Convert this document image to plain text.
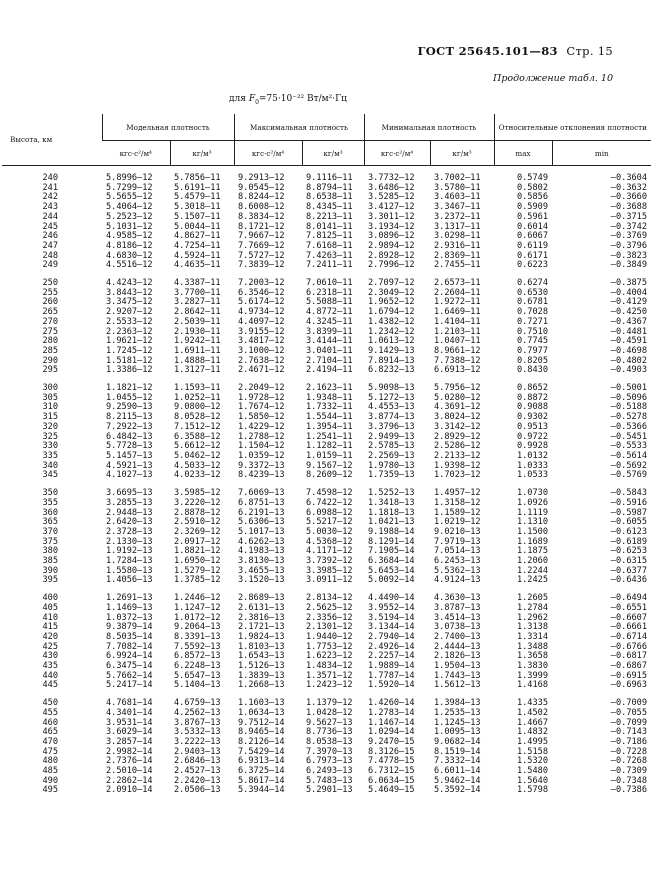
ГОСТ 25645.101—83 Стр. 15
Продолжение табл. 10
для $F_0=75\cdot 10^{-22}$ Вт/м²·Гц
Высота, км	Модельная плотность		Максимальная плотность		Минимальная плотность		Относительные отклонения плотности	
	кгс·с²/м⁴	кг/м³	кгс·с²/м⁴	кг/м³	кгс·с²/м⁴	кг/м³	max	min
240	5.8996—12	5.7856—11	9.2913—12	9.1116—11	3.7732—12	3.7002—11	0.5749	—0.3604
241	5.7299—12	5.6191—11	9.0545—12	8.8794—11	3.6486—12	3.5780—11	0.5802	—0.3632
242	5.5655—12	5.4579—11	8.8244—12	8.6538—11	3.5285—12	3.4603—11	0.5856	—0.3660
243	5.4064—12	5.3018—11	8.6008—12	8.4345—11	3.4127—12	3.3467—11	0.5909	—0.3688
244	5.2523—12	5.1507—11	8.3834—12	8.2213—11	3.3011—12	3.2372—11	0.5961	—0.3715
245	5.1031—12	5.0044—11	8.1721—12	8.0141—11	3.1934—12	3.1317—11	0.6014	—0.3742
246	4.9585—12	4.8627—11	7.9667—12	7.8125—11	3.0896—12	3.0298—11	0.6067	—0.3769
247	4.8186—12	4.7254—11	7.7669—12	7.6168—11	2.9894—12	2.9316—11	0.6119	—0.3796
248	4.6830—12	4.5924—11	7.5727—12	7.4263—11	2.8928—12	2.8369—11	0.6171	—0.3823
249	4.5516—12	4.4635—11	7.3839—12	7.2411—11	2.7996—12	2.7455—11	0.6223	—0.3849
250	4.4243—12	4.3387—11	7.2003—12	7.0610—11	2.7097—12	2.6573—11	0.6274	—0.3875
255	3.8443—12	3.7700—11	6.3546—12	6.2318—11	2.3049—12	2.2604—11	0.6530	—0.4004
260	3.3475—12	3.2827—11	5.6174—12	5.5088—11	1.9652—12	1.9272—11	0.6781	—0.4129
265	2.9207—12	2.8642—11	4.9734—12	4.8772—11	1.6794—12	1.6469—11	0.7028	—0.4250
270	2.5533—12	2.5039—11	4.4097—12	4.3245—11	1.4382—12	1.4104—11	0.7271	—0.4367
275	2.2363—12	2.1930—11	3.9155—12	3.8399—11	1.2342—12	1.2103—11	0.7510	—0.4481
280	1.9621—12	1.9242—11	3.4817—12	3.4144—11	1.0613—12	1.0407—11	0.7745	—0.4591
285	1.7245—12	1.6911—11	3.1000—12	3.0401—11	9.1429—13	8.9661—12	0.7977	—0.4698
290	1.5181—12	1.4888—11	2.7638—12	2.7104—11	7.8914—13	7.7388—12	0.8205	—0.4802
295	1.3386—12	1.3127—11	2.4671—12	2.4194—11	6.8232—13	6.6913—12	0.8430	—0.4903
300	1.1821—12	1.1593—11	2.2049—12	2.1623—11	5.9098—13	5.7956—12	0.8652	—0.5001
305	1.0455—12	1.0252—11	1.9728—12	1.9348—11	5.1272—13	5.0280—12	0.8872	—0.5096
310	9.2590—13	9.0800—12	1.7674—12	1.7332—11	4.4553—13	4.3691—12	0.9088	—0.5188
315	8.2115—13	8.0528—12	1.5850—12	1.5544—11	3.8774—13	3.8024—12	0.9302	—0.5278
320	7.2922—13	7.1512—12	1.4229—12	1.3954—11	3.3796—13	3.3142—12	0.9513	—0.5366
325	6.4842—13	6.3588—12	1.2788—12	1.2541—11	2.9499—13	2.8929—12	0.9722	—0.5451
330	5.7728—13	5.6612—12	1.1504—12	1.1282—11	2.5785—13	2.5286—12	0.9928	—0.5533
335	5.1457—13	5.0462—12	1.0359—12	1.0159—11	2.2569—13	2.2133—12	1.0132	—0.5614
340	4.5921—13	4.5033—12	9.3372—13	9.1567—12	1.9780—13	1.9398—12	1.0333	—0.5692
345	4.1027—13	4.0233—12	8.4239—13	8.2609—12	1.7359—13	1.7023—12	1.0533	—0.5769
350	3.6695—13	3.5985—12	7.6069—13	7.4598—12	1.5252—13	1.4957—12	1.0730	—0.5843
355	3.2855—13	3.2220—12	6.8751—13	6.7422—12	1.3418—13	1.3158—12	1.0926	—0.5916
360	2.9448—13	2.8878—12	6.2191—13	6.0988—12	1.1818—13	1.1589—12	1.1119	—0.5987
365	2.6420—13	2.5910—12	5.6306—13	5.5217—12	1.0421—13	1.0219—12	1.1310	—0.6055
370	2.3728—13	2.3269—12	5.1017—13	5.0030—12	9.1988—14	9.0210—13	1.1500	—0.6123
375	2.1330—13	2.0917—12	4.6262—13	4.5368—12	8.1291—14	7.9719—13	1.1689	—0.6189
380	1.9192—13	1.8821—12	4.1983—13	4.1171—12	7.1905—14	7.0514—13	1.1875	—0.6253
385	1.7284—13	1.6950—12	3.8130—13	3.7392—12	6.3684—14	6.2453—13	1.2060	—0.6315
390	1.5580—13	1.5279—12	3.4655—13	3.3985—12	5.6453—14	5.5362—13	1.2244	—0.6377
395	1.4056—13	1.3785—12	3.1520—13	3.0911—12	5.0092—14	4.9124—13	1.2425	—0.6436
400	1.2691—13	1.2446—12	2.8689—13	2.8134—12	4.4490—14	4.3630—13	1.2605	—0.6494
405	1.1469—13	1.1247—12	2.6131—13	2.5625—12	3.9552—14	3.8787—13	1.2784	—0.6551
410	1.0372—13	1.0172—12	2.3816—13	2.3356—12	3.5194—14	3.4514—13	1.2962	—0.6607
415	9.3879—14	9.2064—13	2.1721—13	2.1301—12	3.1344—14	3.0738—13	1.3138	—0.6661
420	8.5035—14	8.3391—13	1.9824—13	1.9440—12	2.7940—14	2.7400—13	1.3314	—0.6714
425	7.7082—14	7.5592—13	1.8103—13	1.7753—12	2.4926—14	2.4444—13	1.3488	—0.6766
430	6.9924—14	6.8572—13	1.6543—13	1.6223—12	2.2257—14	2.1826—13	1.3658	—0.6817
435	6.3475—14	6.2248—13	1.5126—13	1.4834—12	1.9889—14	1.9504—13	1.3830	—0.6867
440	5.7662—14	5.6547—13	1.3839—13	1.3571—12	1.7787—14	1.7443—13	1.3999	—0.6915
445	5.2417—14	5.1404—13	1.2668—13	1.2423—12	1.5920—14	1.5612—13	1.4168	—0.6963
450	4.7681—14	4.6759—13	1.1603—13	1.1379—12	1.4260—14	1.3984—13	1.4335	—0.7009
455	4.3401—14	4.2562—13	1.0634—13	1.0428—12	1.2783—14	1.2535—13	1.4502	—0.7055
460	3.9531—14	3.8767—13	9.7512—14	9.5627—13	1.1467—14	1.1245—13	1.4667	—0.7099
465	3.6029—14	3.5332—13	8.9465—14	8.7736—13	1.0294—14	1.0095—13	1.4832	—0.7143
470	3.2857—14	3.2222—13	8.2126—14	8.0538—13	9.2470—15	9.0682—14	1.4995	—0.7186
475	2.9982—14	2.9403—13	7.5429—14	7.3970—13	8.3126—15	8.1519—14	1.5158	—0.7228
480	2.7376—14	2.6846—13	6.9313—14	6.7973—13	7.4778—15	7.3332—14	1.5320	—0.7268
485	2.5010—14	2.4527—13	6.3725—14	6.2493—13	6.7312—15	6.6011—14	1.5480	—0.7309
490	2.2862—14	2.2420—13	5.8617—14	5.7483—13	6.0634—15	5.9462—14	1.5640	—0.7348
495	2.0910—14	2.0506—13	5.3944—14	5.2901—13	5.4649—15	5.3592—14	1.5798	—0.7386
